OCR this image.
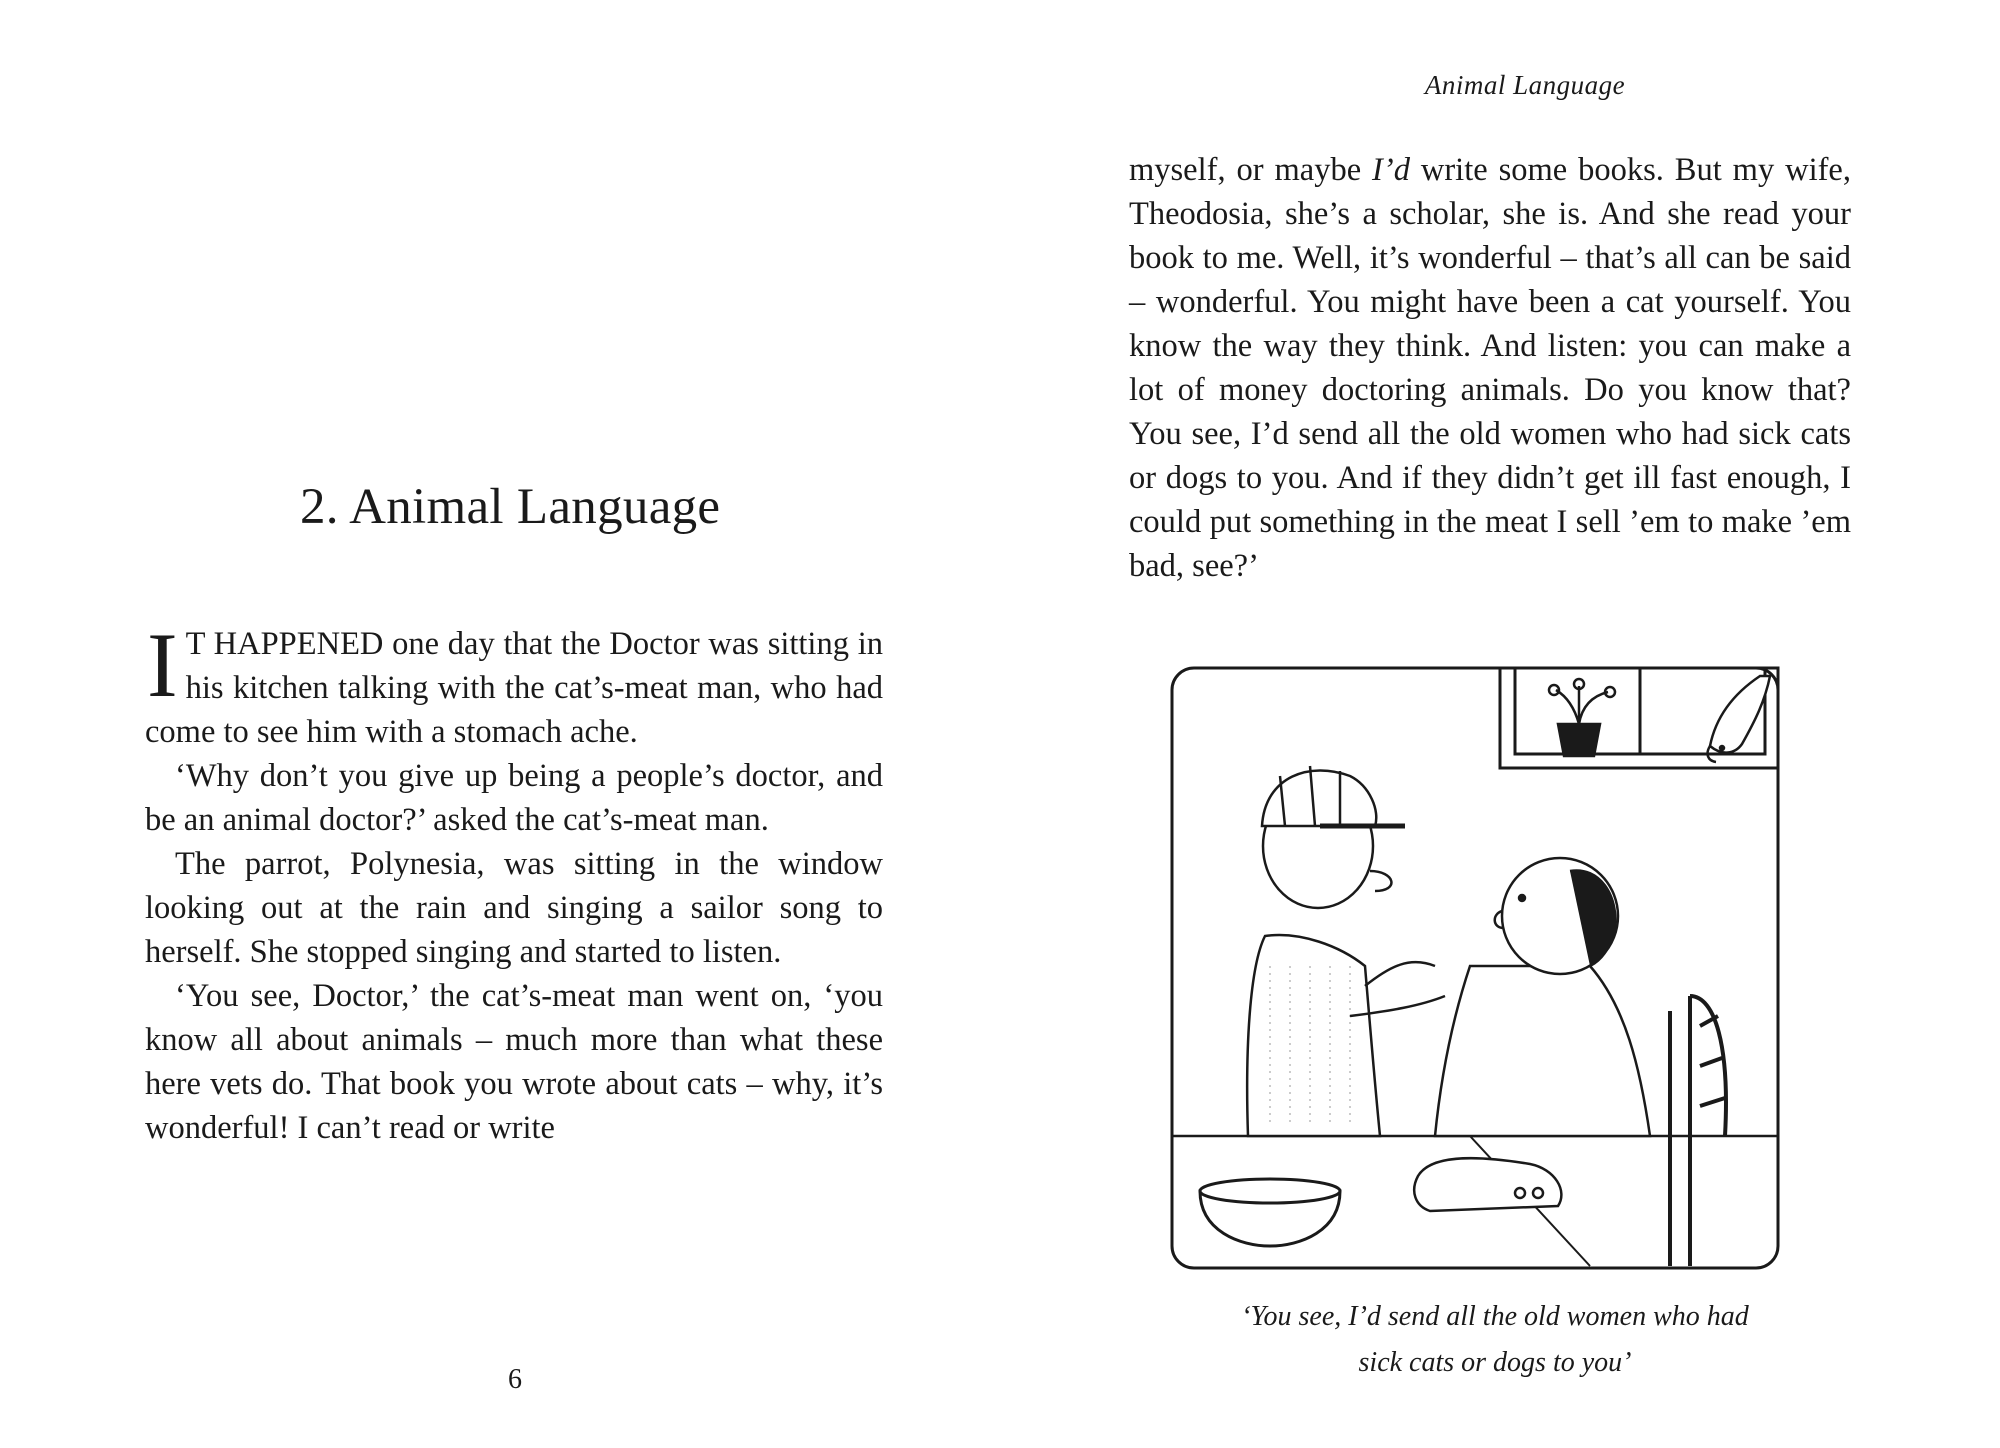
2. Animal Language

I T HAPPENED one day that the Doctor was sitting in his kitchen talking with the cat’s-meat man, who had come to see him with a stomach ache.

‘Why don’t you give up being a people’s doctor, and be an animal doctor?’ asked the cat’s-meat man.

The parrot, Polynesia, was sitting in the window looking out at the rain and singing a sailor song to herself. She stopped singing and started to listen.

‘You see, Doctor,’ the cat’s-meat man went on, ‘you know all about animals – much more than what these here vets do. That book you wrote about cats – why, it’s wonderful! I can’t read or write

6
Animal Language

myself, or maybe I’d write some books. But my wife, Theodosia, she’s a scholar, she is. And she read your book to me. Well, it’s wonderful – that’s all can be said – wonderful. You might have been a cat yourself. You know the way they think. And listen: you can make a lot of money doctoring animals. Do you know that? You see, I’d send all the old women who had sick cats or dogs to you. And if they didn’t get ill fast enough, I could put something in the meat I sell ’em to make ’em bad, see?’

‘You see, I’d send all the old women who had
sick cats or dogs to you’
